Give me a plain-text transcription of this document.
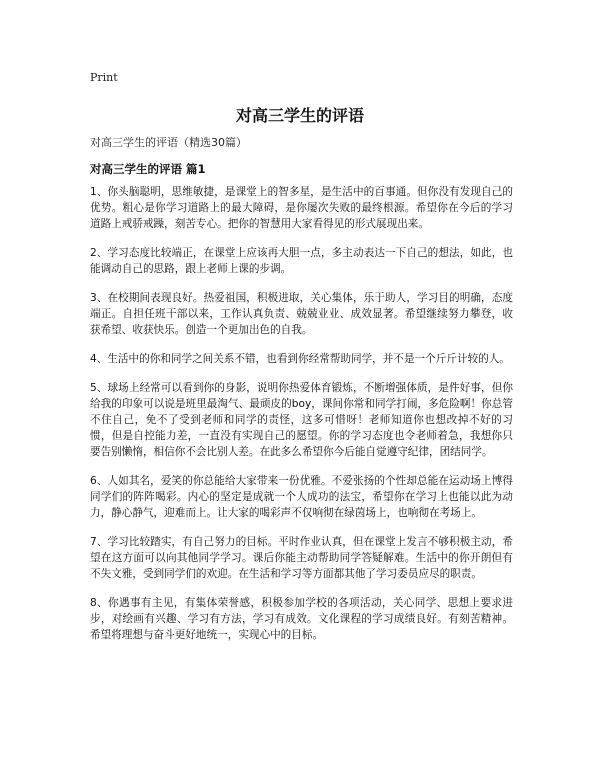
Print
对高三学生的评语
对高三学生的评语（精选30篇）
对高三学生的评语 篇1

1、你头脑聪明，思维敏捷，是课堂上的智多星，是生活中的百事通。但你没有发现自己的优势。粗心是你学习道路上的最大障碍，是你屡次失败的最终根源。希望你在今后的学习道路上戒骄戒躁，刻苦专心。把你的智慧用大家看得见的形式展现出来。

2、学习态度比较端正，在课堂上应该再大胆一点，多主动表达一下自己的想法，如此，也能调动自己的思路，跟上老师上课的步调。

3、在校期间表现良好。热爱祖国，积极进取，关心集体，乐于助人，学习目的明确，态度端正。自担任班干部以来，工作认真负责、兢兢业业、成效显著。希望继续努力攀登，收获希望、收获快乐。创造一个更加出色的自我。

4、生活中的你和同学之间关系不错，也看到你经常帮助同学，并不是一个斤斤计较的人。

5、球场上经常可以看到你的身影，说明你热爱体育锻炼，不断增强体质，是件好事，但你给我的印象可以说是班里最淘气、最顽皮的boy，课间你常和同学打闹，多危险啊！你总管不住自己，免不了受到老师和同学的责怪，这多可惜呀！老师知道你也想改掉不好的习惯，但是自控能力差，一直没有实现自己的愿望。你的学习态度也令老师着急，我想你只要告别懒惰，相信你不会比别人差。在此多么希望你今后能自觉遵守纪律，团结同学。

6、人如其名，爱笑的你总能给大家带来一份优雅。不爱张扬的个性却总能在运动场上博得同学们的阵阵喝彩。内心的坚定是成就一个人成功的法宝，希望你在学习上也能以此为动力，静心静气，迎难而上。让大家的喝彩声不仅响彻在绿茵场上，也响彻在考场上。

7、学习比较踏实，有自己努力的目标。平时作业认真，但在课堂上发言不够积极主动，希望在这方面可以向其他同学学习。课后你能主动帮助同学答疑解难。生活中的你开朗但有不失文雅，受到同学们的欢迎。在生活和学习等方面都其他了学习委员应尽的职责。

8、你遇事有主见，有集体荣誉感，积极参加学校的各项活动，关心同学、思想上要求进步，对绘画有兴趣、学习有方法，学习有成效。文化课程的学习成绩良好。有刻苦精神。希望将理想与奋斗更好地统一，实现心中的目标。
